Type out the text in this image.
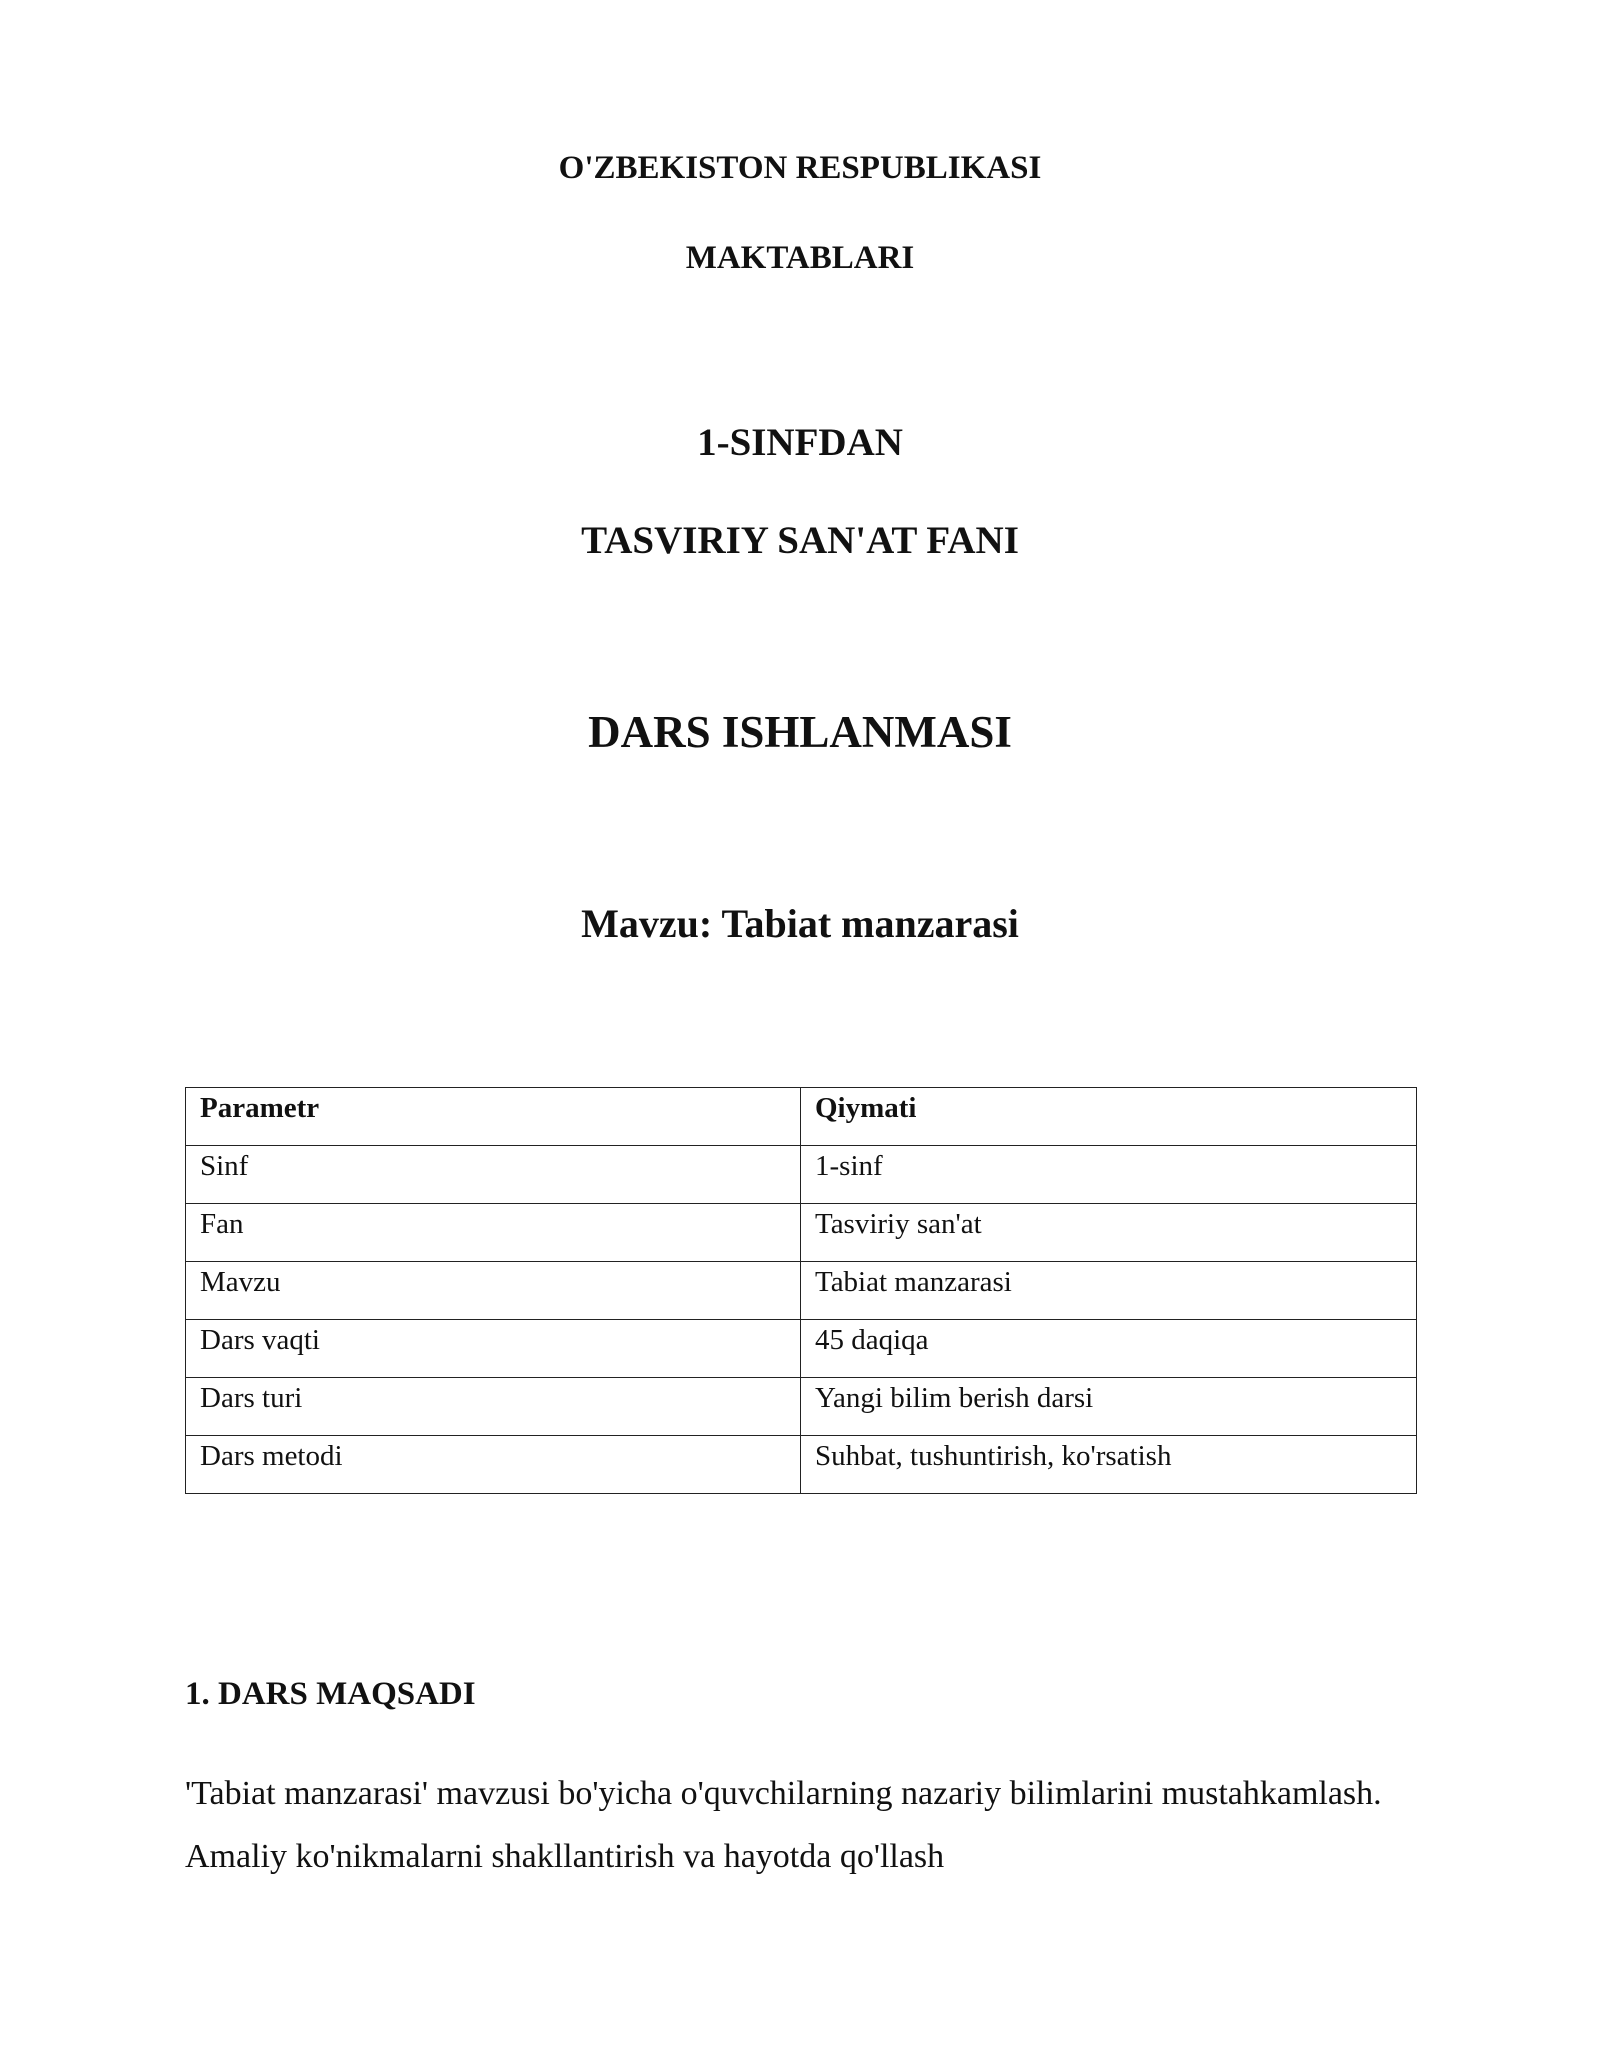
O'ZBEKISTON RESPUBLIKASI
MAKTABLARI
1-SINFDAN
TASVIRIY SAN'AT FANI
DARS ISHLANMASI
Mavzu: Tabiat manzarasi
Parametr	Qiymati
Sinf	1-sinf
Fan	Tasviriy san'at
Mavzu	Tabiat manzarasi
Dars vaqti	45 daqiqa
Dars turi	Yangi bilim berish darsi
Dars metodi	Suhbat, tushuntirish, ko'rsatish
1. DARS MAQSADI
'Tabiat manzarasi' mavzusi bo'yicha o'quvchilarning nazariy bilimlarini mustahkamlash. Amaliy ko'nikmalarni shakllantirish va hayotda qo'llash
